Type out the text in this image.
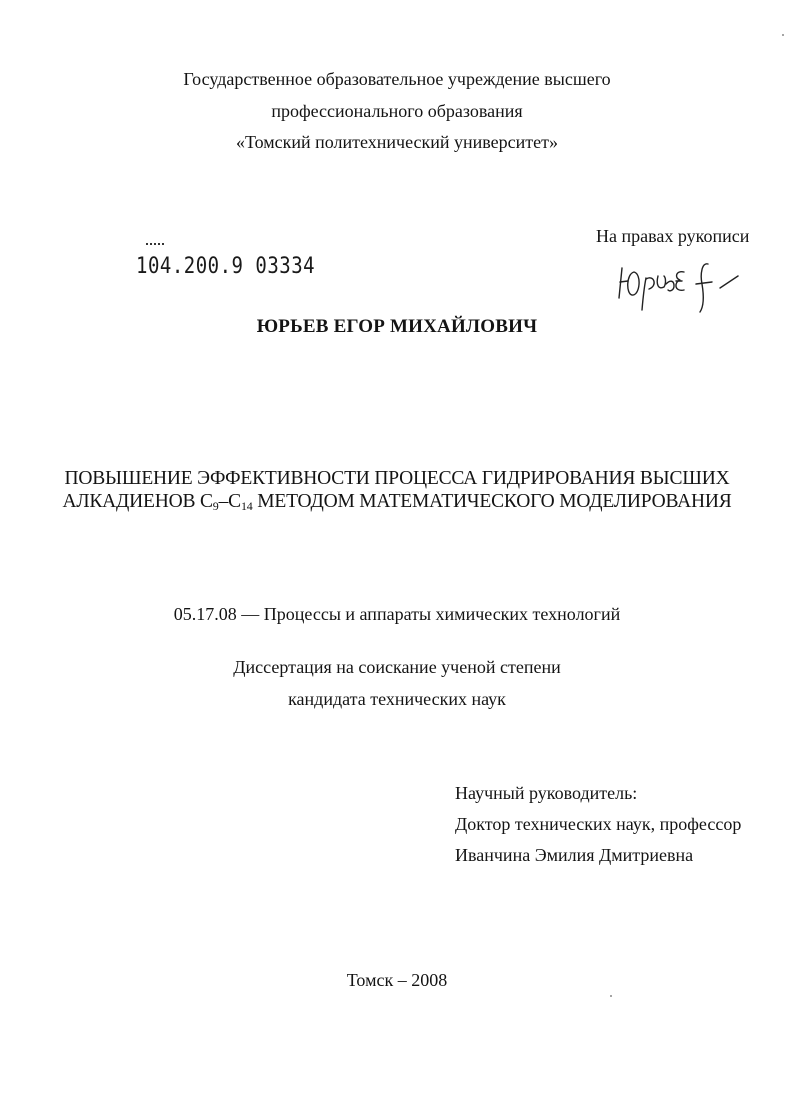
Государственное образовательное учреждение высшего
профессионального образования
«Томский политехнический университет»
На правах рукописи
104.200.9 03334
ЮРЬЕВ ЕГОР МИХАЙЛОВИЧ
ПОВЫШЕНИЕ ЭФФЕКТИВНОСТИ ПРОЦЕССА ГИДРИРОВАНИЯ ВЫСШИХ
АЛКАДИЕНОВ $С_9-С_{14}$ МЕТОДОМ МАТЕМАТИЧЕСКОГО МОДЕЛИРОВАНИЯ
05.17.08 — Процессы и аппараты химических технологий
Диссертация на соискание ученой степени
кандидата технических наук
Научный руководитель:
Доктор технических наук, профессор
Иванчина Эмилия Дмитриевна
Томск – 2008
